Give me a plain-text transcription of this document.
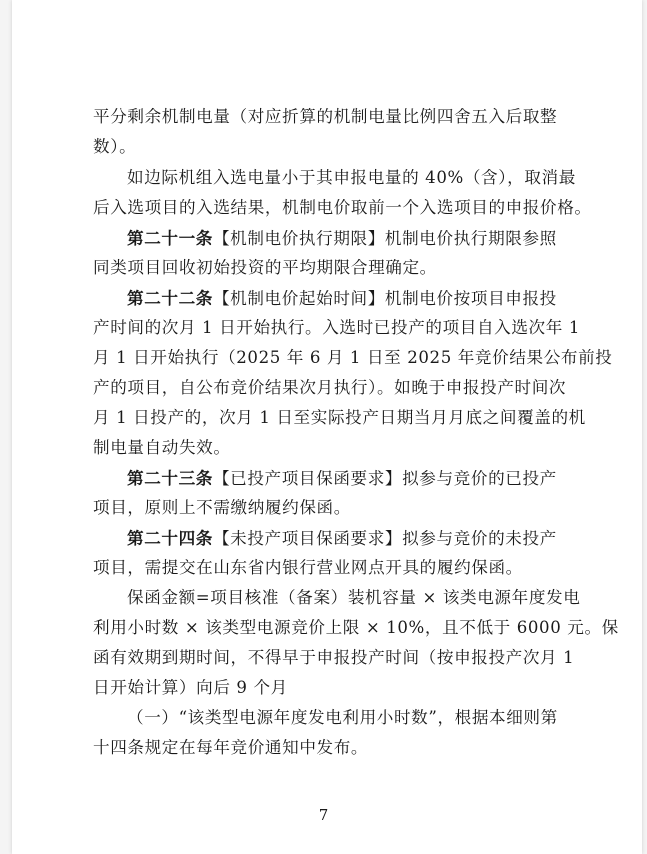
平分剩余机制电量（对应折算的机制电量比例四舍五入后取整
数）。
如边际机组入选电量小于其申报电量的 40%（含），取消最
后入选项目的入选结果，机制电价取前一个入选项目的申报价格。
第二十一条【机制电价执行期限】机制电价执行期限参照
同类项目回收初始投资的平均期限合理确定。
第二十二条【机制电价起始时间】机制电价按项目申报投
产时间的次月 1 日开始执行。入选时已投产的项目自入选次年 1
月 1 日开始执行（2025 年 6 月 1 日至 2025 年竞价结果公布前投
产的项目，自公布竞价结果次月执行）。如晚于申报投产时间次
月 1 日投产的，次月 1 日至实际投产日期当月月底之间覆盖的机
制电量自动失效。
第二十三条【已投产项目保函要求】拟参与竞价的已投产
项目，原则上不需缴纳履约保函。
第二十四条【未投产项目保函要求】拟参与竞价的未投产
项目，需提交在山东省内银行营业网点开具的履约保函。
保函金额=项目核准（备案）装机容量 × 该类电源年度发电
利用小时数 × 该类型电源竞价上限 × 10%，且不低于 6000 元。保
函有效期到期时间，不得早于申报投产时间（按申报投产次月 1
日开始计算）向后 9 个月
（一）“该类型电源年度发电利用小时数”，根据本细则第
十四条规定在每年竞价通知中发布。
7
